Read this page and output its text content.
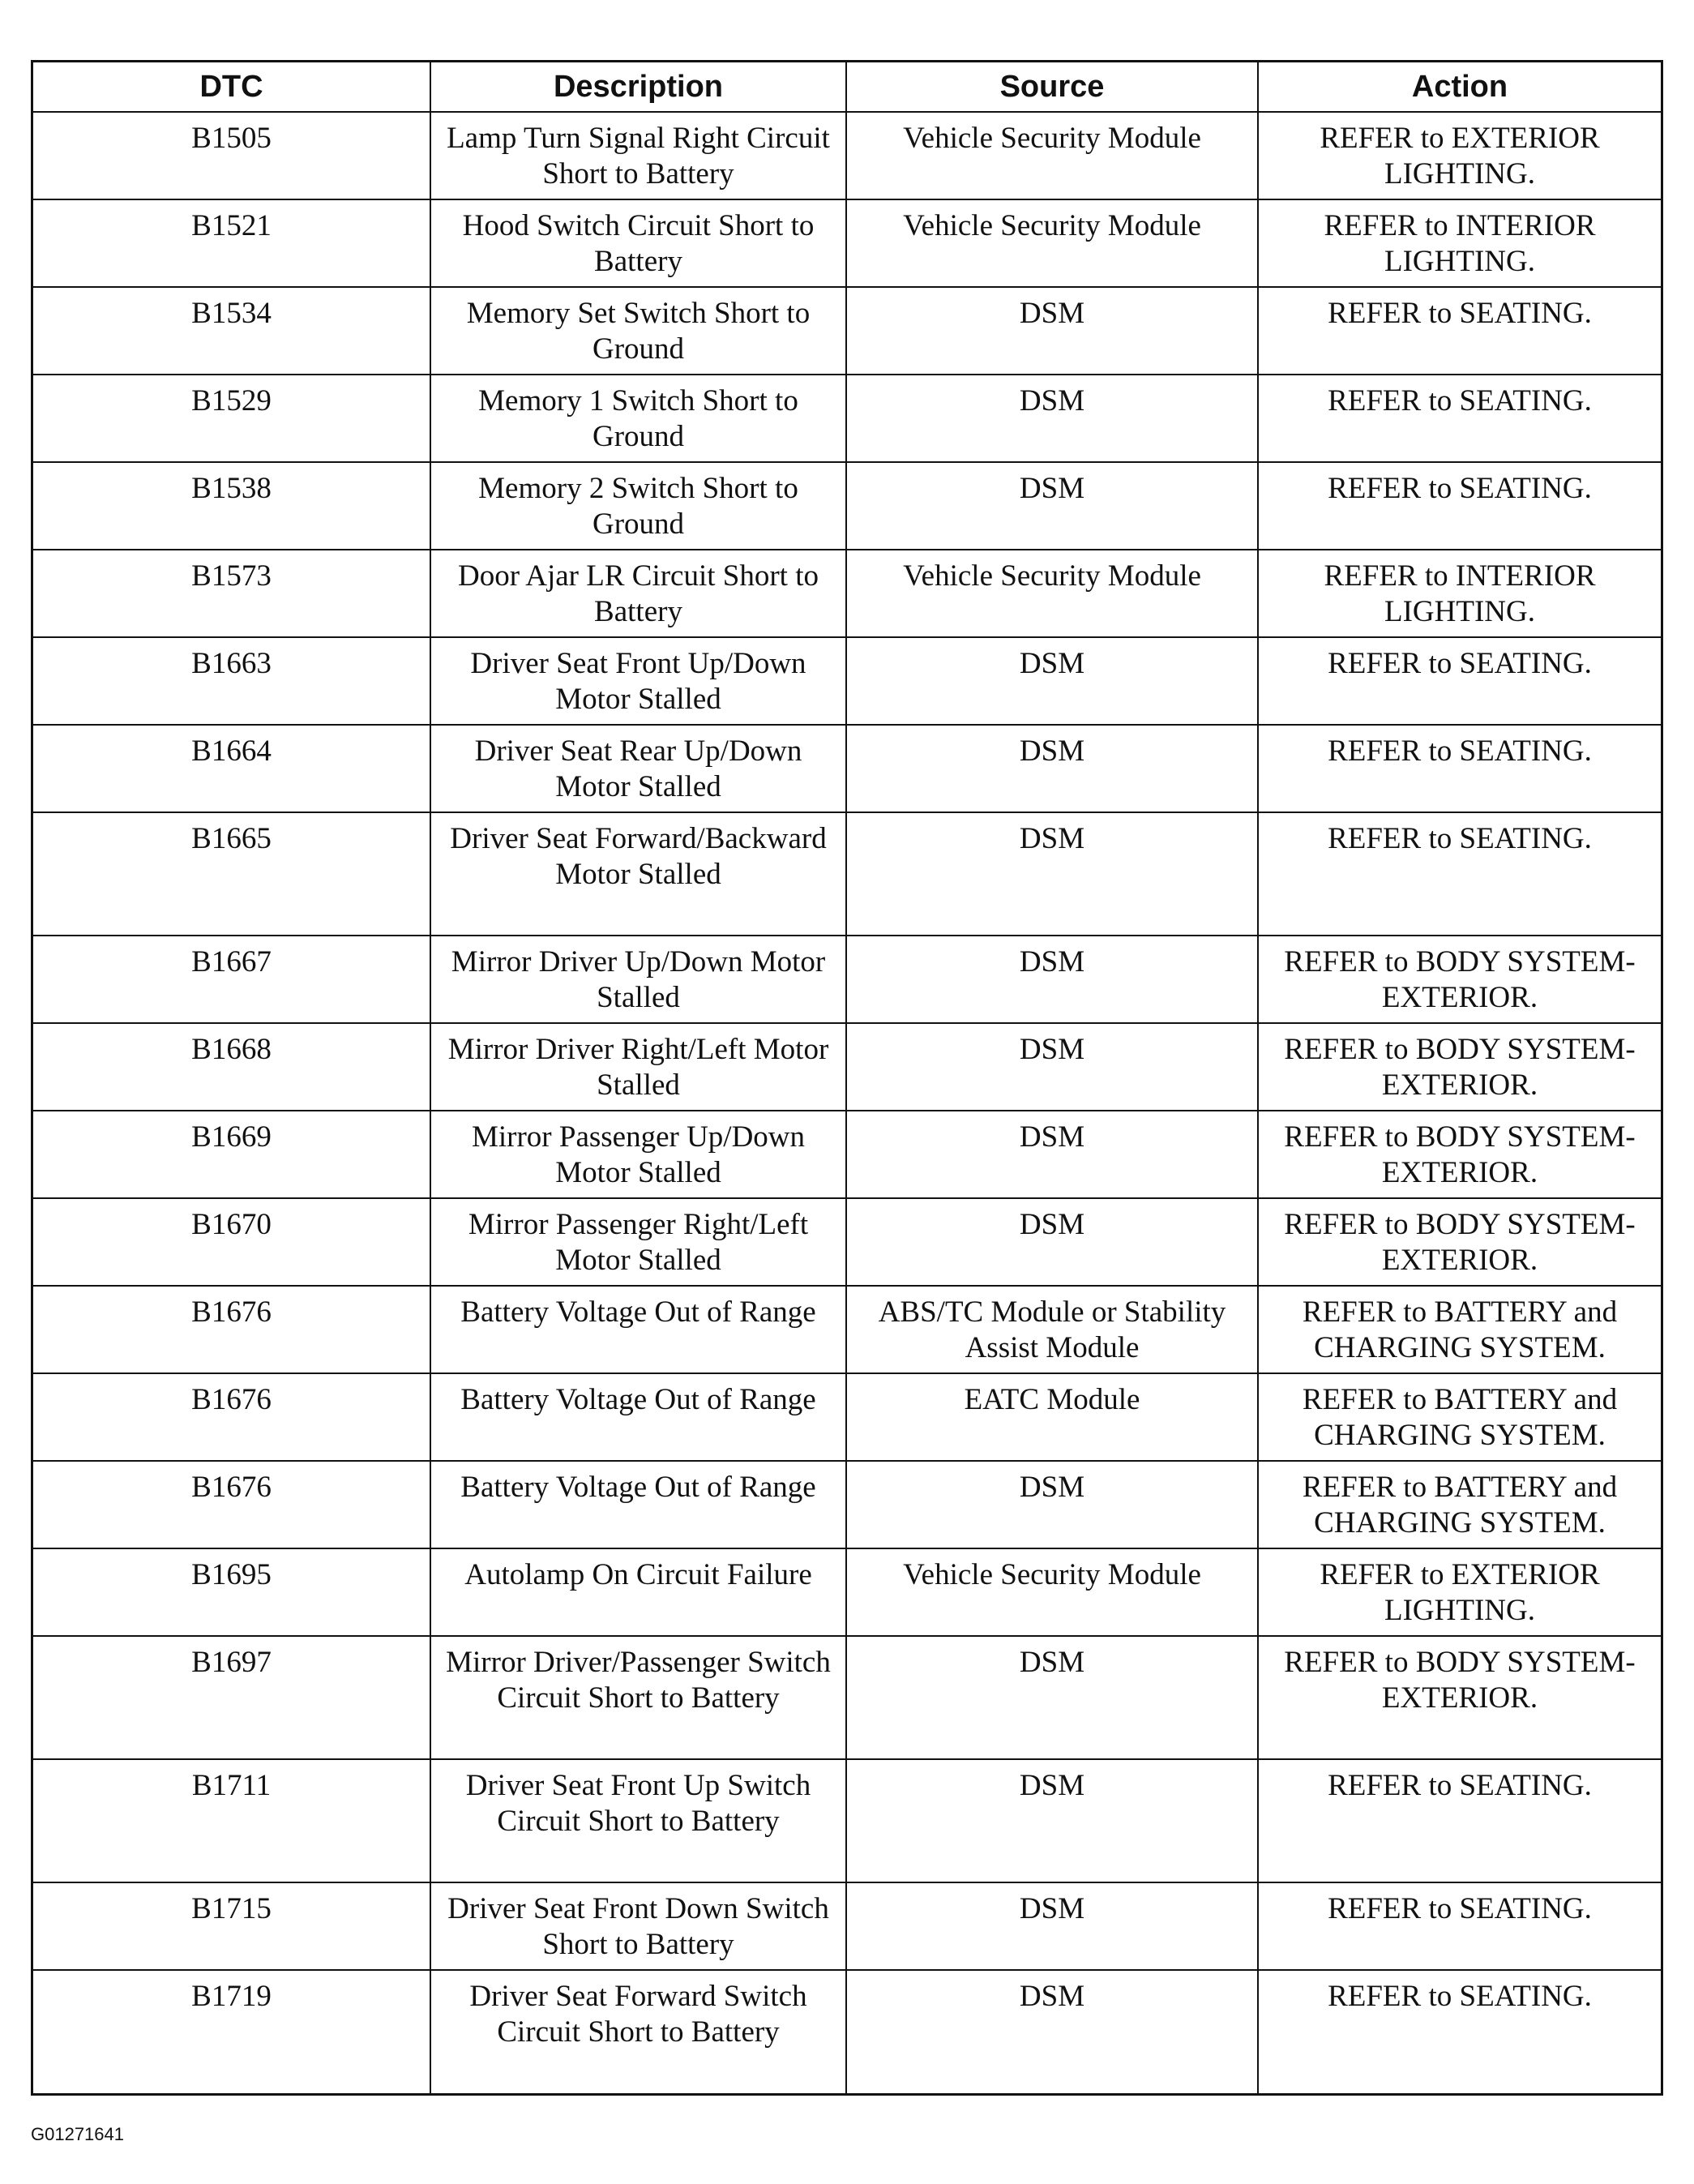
DTC	Description	Source	Action
B1505	Lamp Turn Signal Right Circuit Short to Battery	Vehicle Security Module	REFER to EXTERIOR LIGHTING.
B1521	Hood Switch Circuit Short to Battery	Vehicle Security Module	REFER to INTERIOR LIGHTING.
B1534	Memory Set Switch Short to Ground	DSM	REFER to SEATING.
B1529	Memory 1 Switch Short to Ground	DSM	REFER to SEATING.
B1538	Memory 2 Switch Short to Ground	DSM	REFER to SEATING.
B1573	Door Ajar LR Circuit Short to Battery	Vehicle Security Module	REFER to INTERIOR LIGHTING.
B1663	Driver Seat Front Up/Down Motor Stalled	DSM	REFER to SEATING.
B1664	Driver Seat Rear Up/Down Motor Stalled	DSM	REFER to SEATING.
B1665	Driver Seat Forward/Backward Motor Stalled	DSM	REFER to SEATING.
B1667	Mirror Driver Up/Down Motor Stalled	DSM	REFER to BODY SYSTEM-EXTERIOR.
B1668	Mirror Driver Right/Left Motor Stalled	DSM	REFER to BODY SYSTEM-EXTERIOR.
B1669	Mirror Passenger Up/Down Motor Stalled	DSM	REFER to BODY SYSTEM-EXTERIOR.
B1670	Mirror Passenger Right/Left Motor Stalled	DSM	REFER to BODY SYSTEM-EXTERIOR.
B1676	Battery Voltage Out of Range	ABS/TC Module or Stability Assist Module	REFER to BATTERY and CHARGING SYSTEM.
B1676	Battery Voltage Out of Range	EATC Module	REFER to BATTERY and CHARGING SYSTEM.
B1676	Battery Voltage Out of Range	DSM	REFER to BATTERY and CHARGING SYSTEM.
B1695	Autolamp On Circuit Failure	Vehicle Security Module	REFER to EXTERIOR LIGHTING.
B1697	Mirror Driver/Passenger Switch Circuit Short to Battery	DSM	REFER to BODY SYSTEM-EXTERIOR.
B1711	Driver Seat Front Up Switch Circuit Short to Battery	DSM	REFER to SEATING.
B1715	Driver Seat Front Down Switch Short to Battery	DSM	REFER to SEATING.
B1719	Driver Seat Forward Switch Circuit Short to Battery	DSM	REFER to SEATING.
G01271641
